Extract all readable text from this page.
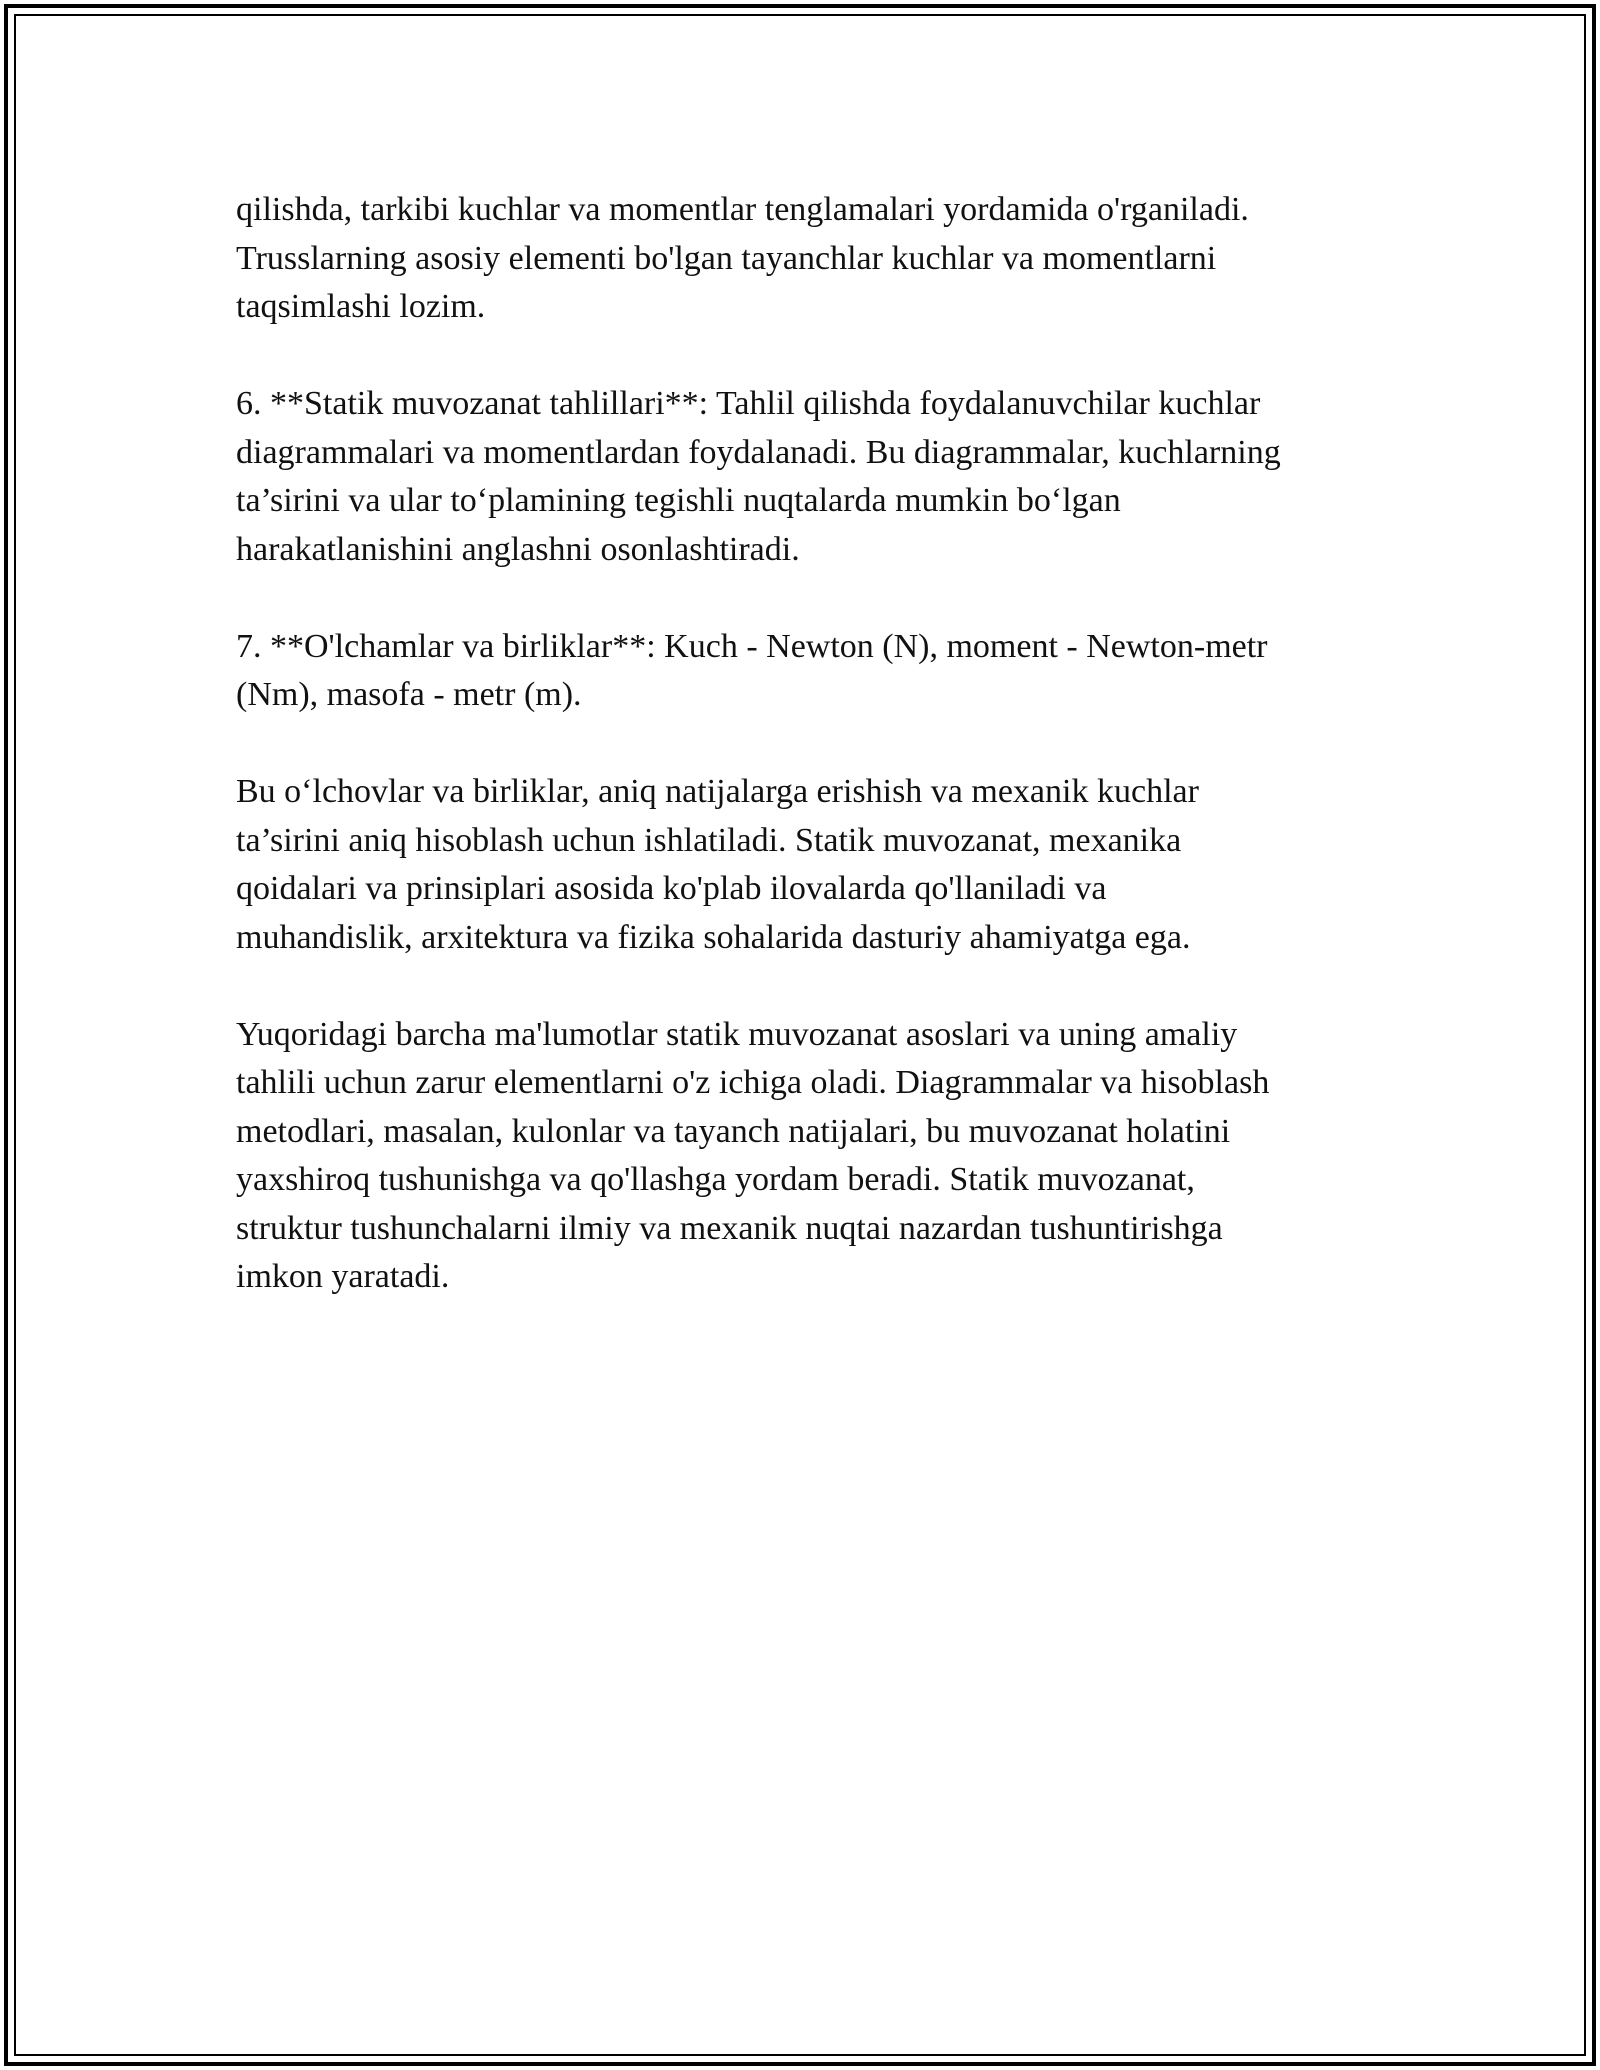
qilishda, tarkibi kuchlar va momentlar tenglamalari yordamida o'rganiladi.
Trusslarning asosiy elementi bo'lgan tayanchlar kuchlar va momentlarni
taqsimlashi lozim.

6. **Statik muvozanat tahlillari**: Tahlil qilishda foydalanuvchilar kuchlar
diagrammalari va momentlardan foydalanadi. Bu diagrammalar, kuchlarning
ta’sirini va ular to‘plamining tegishli nuqtalarda mumkin bo‘lgan
harakatlanishini anglashni osonlashtiradi.

7. **O'lchamlar va birliklar**: Kuch - Newton (N), moment - Newton-metr
(Nm), masofa - metr (m).

Bu o‘lchovlar va birliklar, aniq natijalarga erishish va mexanik kuchlar
ta’sirini aniq hisoblash uchun ishlatiladi. Statik muvozanat, mexanika
qoidalari va prinsiplari asosida ko'plab ilovalarda qo'llaniladi va
muhandislik, arxitektura va fizika sohalarida dasturiy ahamiyatga ega.

Yuqoridagi barcha ma'lumotlar statik muvozanat asoslari va uning amaliy
tahlili uchun zarur elementlarni o'z ichiga oladi. Diagrammalar va hisoblash
metodlari, masalan, kulonlar va tayanch natijalari, bu muvozanat holatini
yaxshiroq tushunishga va qo'llashga yordam beradi. Statik muvozanat,
struktur tushunchalarni ilmiy va mexanik nuqtai nazardan tushuntirishga
imkon yaratadi.
